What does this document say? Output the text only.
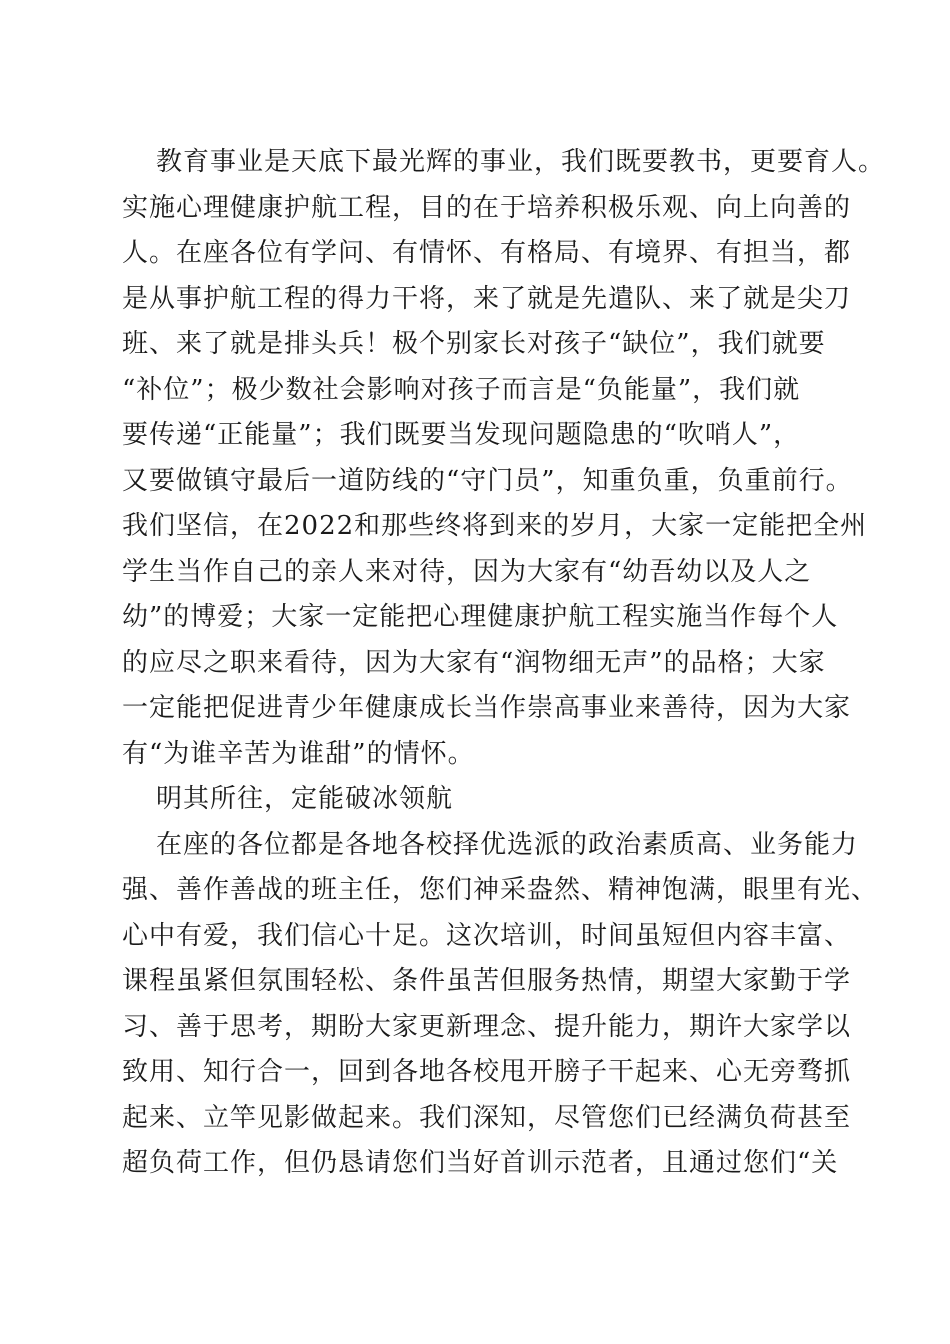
教育事业是天底下最光辉的事业，我们既要教书，更要育人。
实施心理健康护航工程，目的在于培养积极乐观、向上向善的
人。在座各位有学问、有情怀、有格局、有境界、有担当，都
是从事护航工程的得力干将，来了就是先遣队、来了就是尖刀
班、来了就是排头兵！极个别家长对孩子“缺位”，我们就要
“补位”；极少数社会影响对孩子而言是“负能量”，我们就
要传递“正能量”；我们既要当发现问题隐患的“吹哨人”，
又要做镇守最后一道防线的“守门员”，知重负重，负重前行。
我们坚信，在2022和那些终将到来的岁月，大家一定能把全州
学生当作自己的亲人来对待，因为大家有“幼吾幼以及人之
幼”的博爱；大家一定能把心理健康护航工程实施当作每个人
的应尽之职来看待，因为大家有“润物细无声”的品格；大家
一定能把促进青少年健康成长当作崇高事业来善待，因为大家
有“为谁辛苦为谁甜”的情怀。
明其所往，定能破冰领航
在座的各位都是各地各校择优选派的政治素质高、业务能力
强、善作善战的班主任，您们神采盎然、精神饱满，眼里有光、
心中有爱，我们信心十足。这次培训，时间虽短但内容丰富、
课程虽紧但氛围轻松、条件虽苦但服务热情，期望大家勤于学
习、善于思考，期盼大家更新理念、提升能力，期许大家学以
致用、知行合一，回到各地各校甩开膀子干起来、心无旁骛抓
起来、立竿见影做起来。我们深知，尽管您们已经满负荷甚至
超负荷工作，但仍恳请您们当好首训示范者，且通过您们“关
